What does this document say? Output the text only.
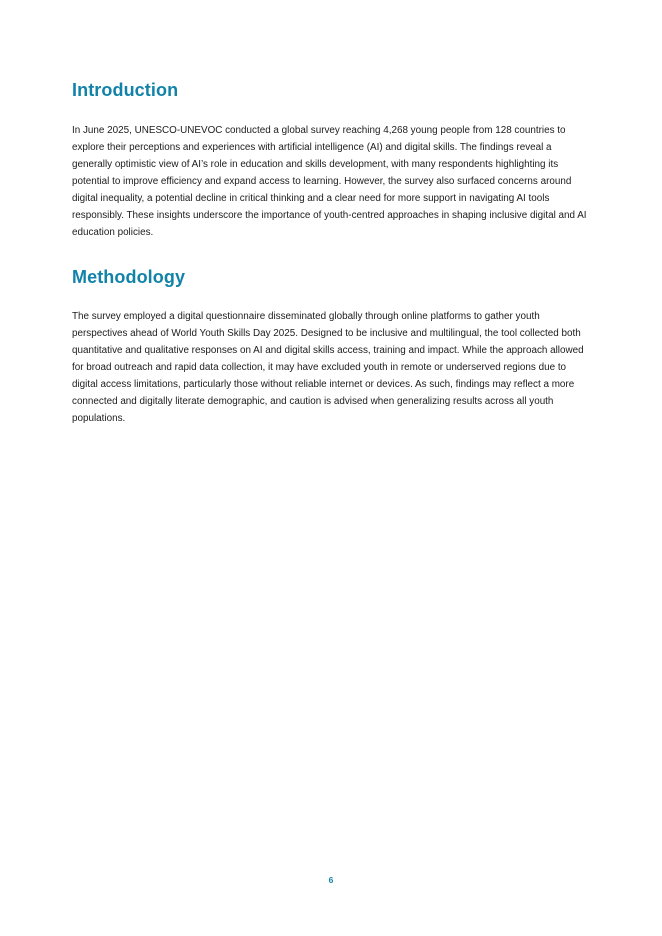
Introduction

In June 2025, UNESCO-UNEVOC conducted a global survey reaching 4,268 young people from 128 countries to explore their perceptions and experiences with artificial intelligence (AI) and digital skills. The findings reveal a generally optimistic view of AI’s role in education and skills development, with many respondents highlighting its potential to improve efficiency and expand access to learning. However, the survey also surfaced concerns around digital inequality, a potential decline in critical thinking and a clear need for more support in navigating AI tools responsibly. These insights underscore the importance of youth-centred approaches in shaping inclusive digital and AI education policies.

Methodology

The survey employed a digital questionnaire disseminated globally through online platforms to gather youth perspectives ahead of World Youth Skills Day 2025. Designed to be inclusive and multilingual, the tool collected both quantitative and qualitative responses on AI and digital skills access, training and impact. While the approach allowed for broad outreach and rapid data collection, it may have excluded youth in remote or underserved regions due to digital access limitations, particularly those without reliable internet or devices. As such, findings may reflect a more connected and digitally literate demographic, and caution is advised when generalizing results across all youth populations.

6
